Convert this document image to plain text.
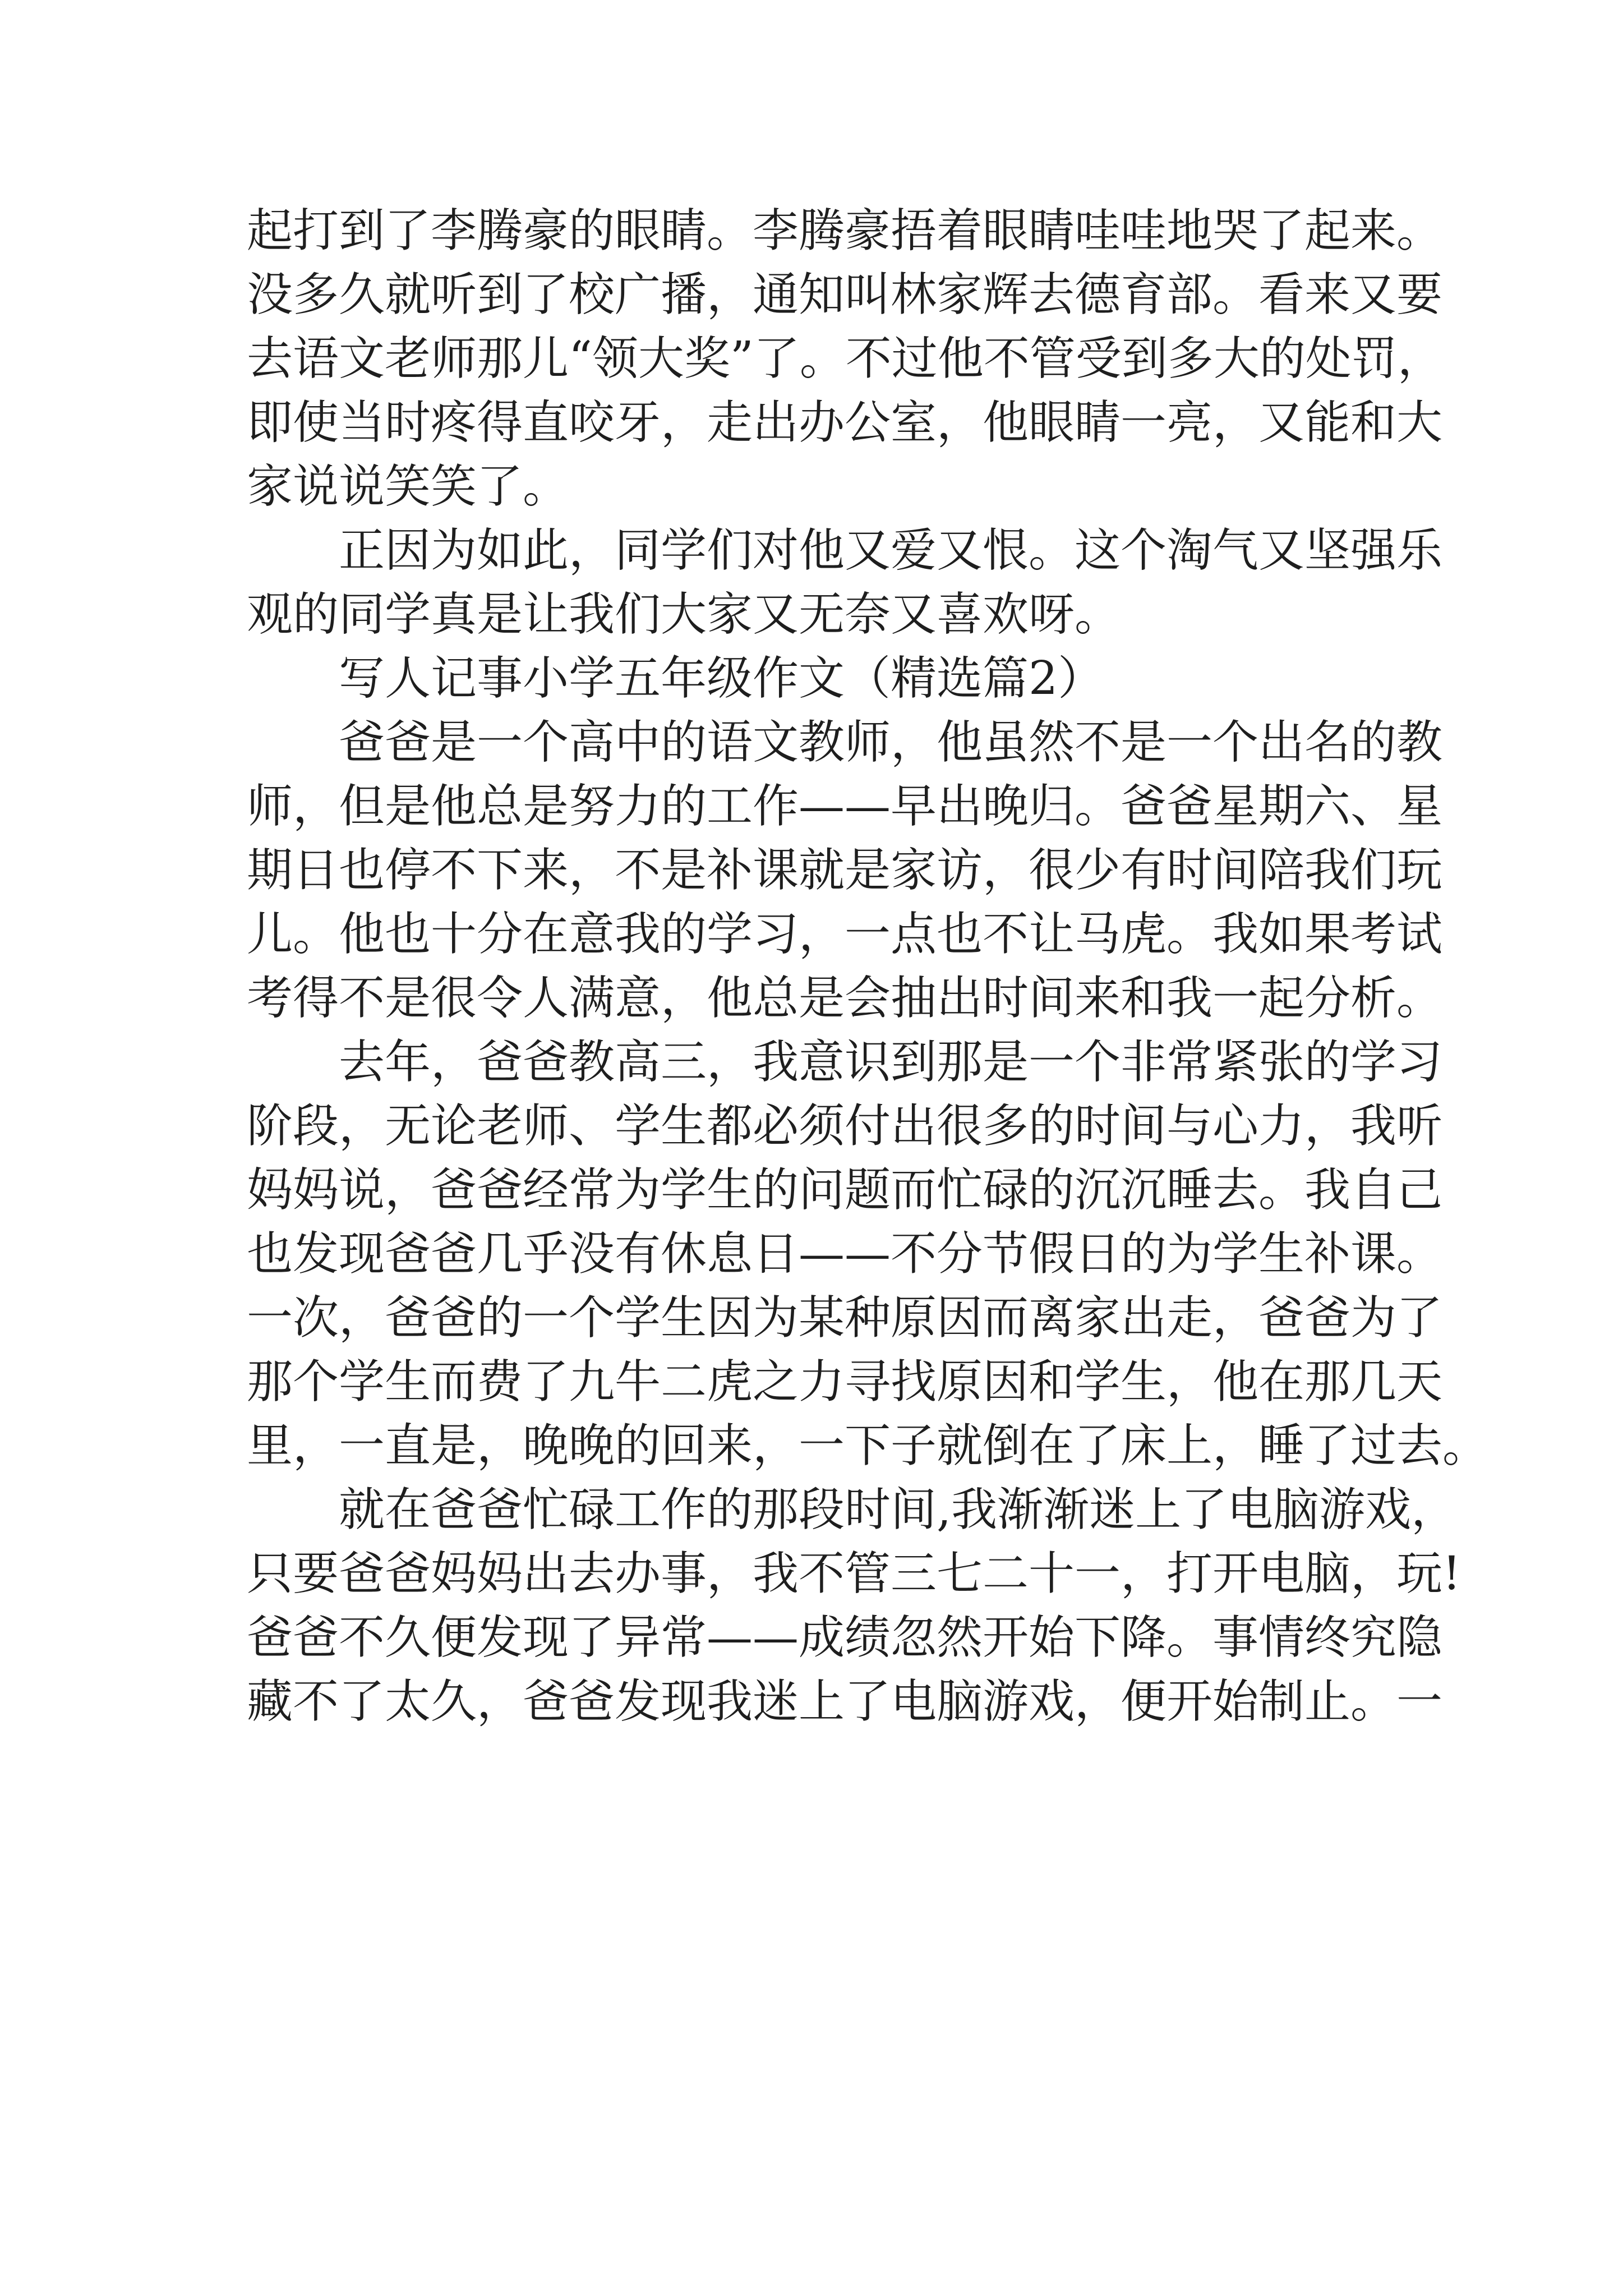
起打到了李腾豪的眼睛。李腾豪捂着眼睛哇哇地哭了起来。
没多久就听到了校广播，通知叫林家辉去德育部。看来又要
去语文老师那儿“领大奖”了。不过他不管受到多大的处罚，
即使当时疼得直咬牙，走出办公室，他眼睛一亮，又能和大
家说说笑笑了。
正因为如此，同学们对他又爱又恨。这个淘气又坚强乐
观的同学真是让我们大家又无奈又喜欢呀。
写人记事小学五年级作文（精选篇2）
爸爸是一个高中的语文教师，他虽然不是一个出名的教
师，但是他总是努力的工作——早出晚归。爸爸星期六、星
期日也停不下来，不是补课就是家访，很少有时间陪我们玩
儿。他也十分在意我的学习，一点也不让马虎。我如果考试
考得不是很令人满意，他总是会抽出时间来和我一起分析。
去年，爸爸教高三，我意识到那是一个非常紧张的学习
阶段，无论老师、学生都必须付出很多的时间与心力，我听
妈妈说，爸爸经常为学生的问题而忙碌的沉沉睡去。我自己
也发现爸爸几乎没有休息日——不分节假日的为学生补课。
一次，爸爸的一个学生因为某种原因而离家出走，爸爸为了
那个学生而费了九牛二虎之力寻找原因和学生，他在那几天
里，一直是，晚晚的回来，一下子就倒在了床上，睡了过去。
就在爸爸忙碌工作的那段时间,我渐渐迷上了电脑游戏，
只要爸爸妈妈出去办事，我不管三七二十一，打开电脑，玩!
爸爸不久便发现了异常——成绩忽然开始下降。事情终究隐
藏不了太久，爸爸发现我迷上了电脑游戏，便开始制止。一
